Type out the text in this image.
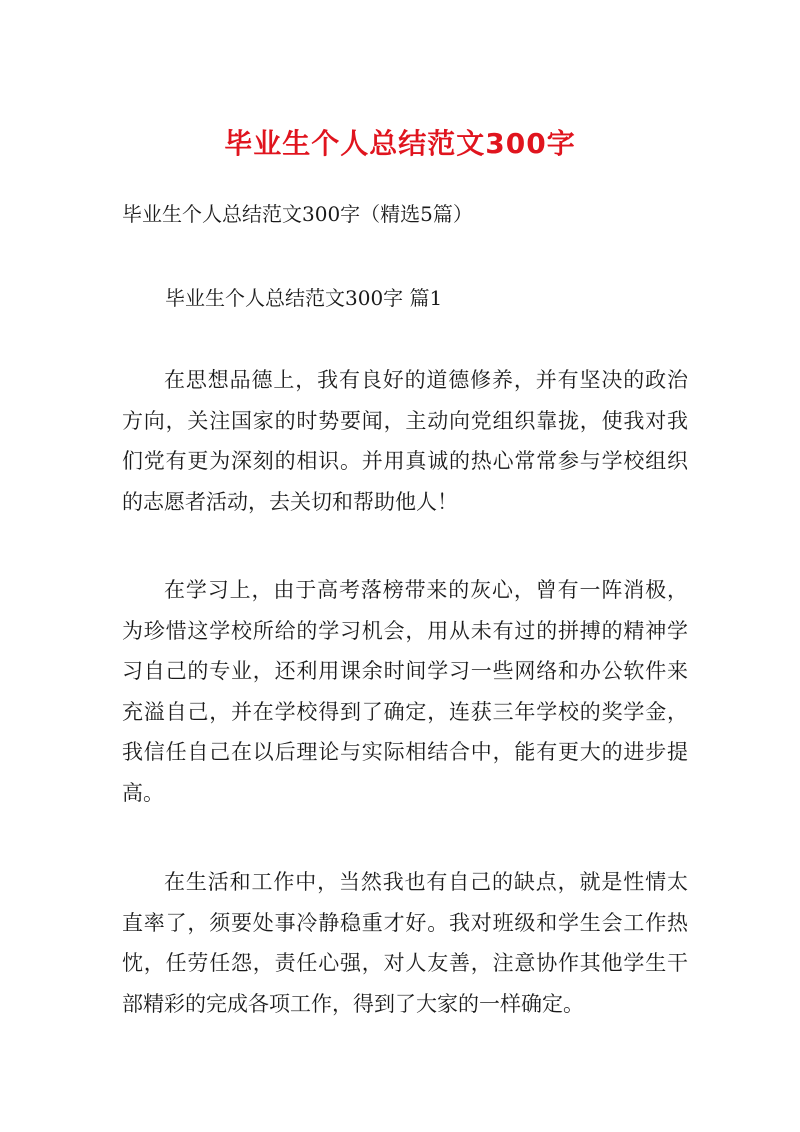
毕业生个人总结范文300字

毕业生个人总结范文300字（精选5篇）

毕业生个人总结范文300字 篇1

在思想品德上，我有良好的道德修养，并有坚决的政治方向，关注国家的时势要闻，主动向党组织靠拢，使我对我们党有更为深刻的相识。并用真诚的热心常常参与学校组织的志愿者活动，去关切和帮助他人！

在学习上，由于高考落榜带来的灰心，曾有一阵消极，为珍惜这学校所给的学习机会，用从未有过的拼搏的精神学习自己的专业，还利用课余时间学习一些网络和办公软件来充溢自己，并在学校得到了确定，连获三年学校的奖学金，我信任自己在以后理论与实际相结合中，能有更大的进步提高。

在生活和工作中，当然我也有自己的缺点，就是性情太直率了，须要处事冷静稳重才好。我对班级和学生会工作热忱，任劳任怨，责任心强，对人友善，注意协作其他学生干部精彩的完成各项工作，得到了大家的一样确定。
